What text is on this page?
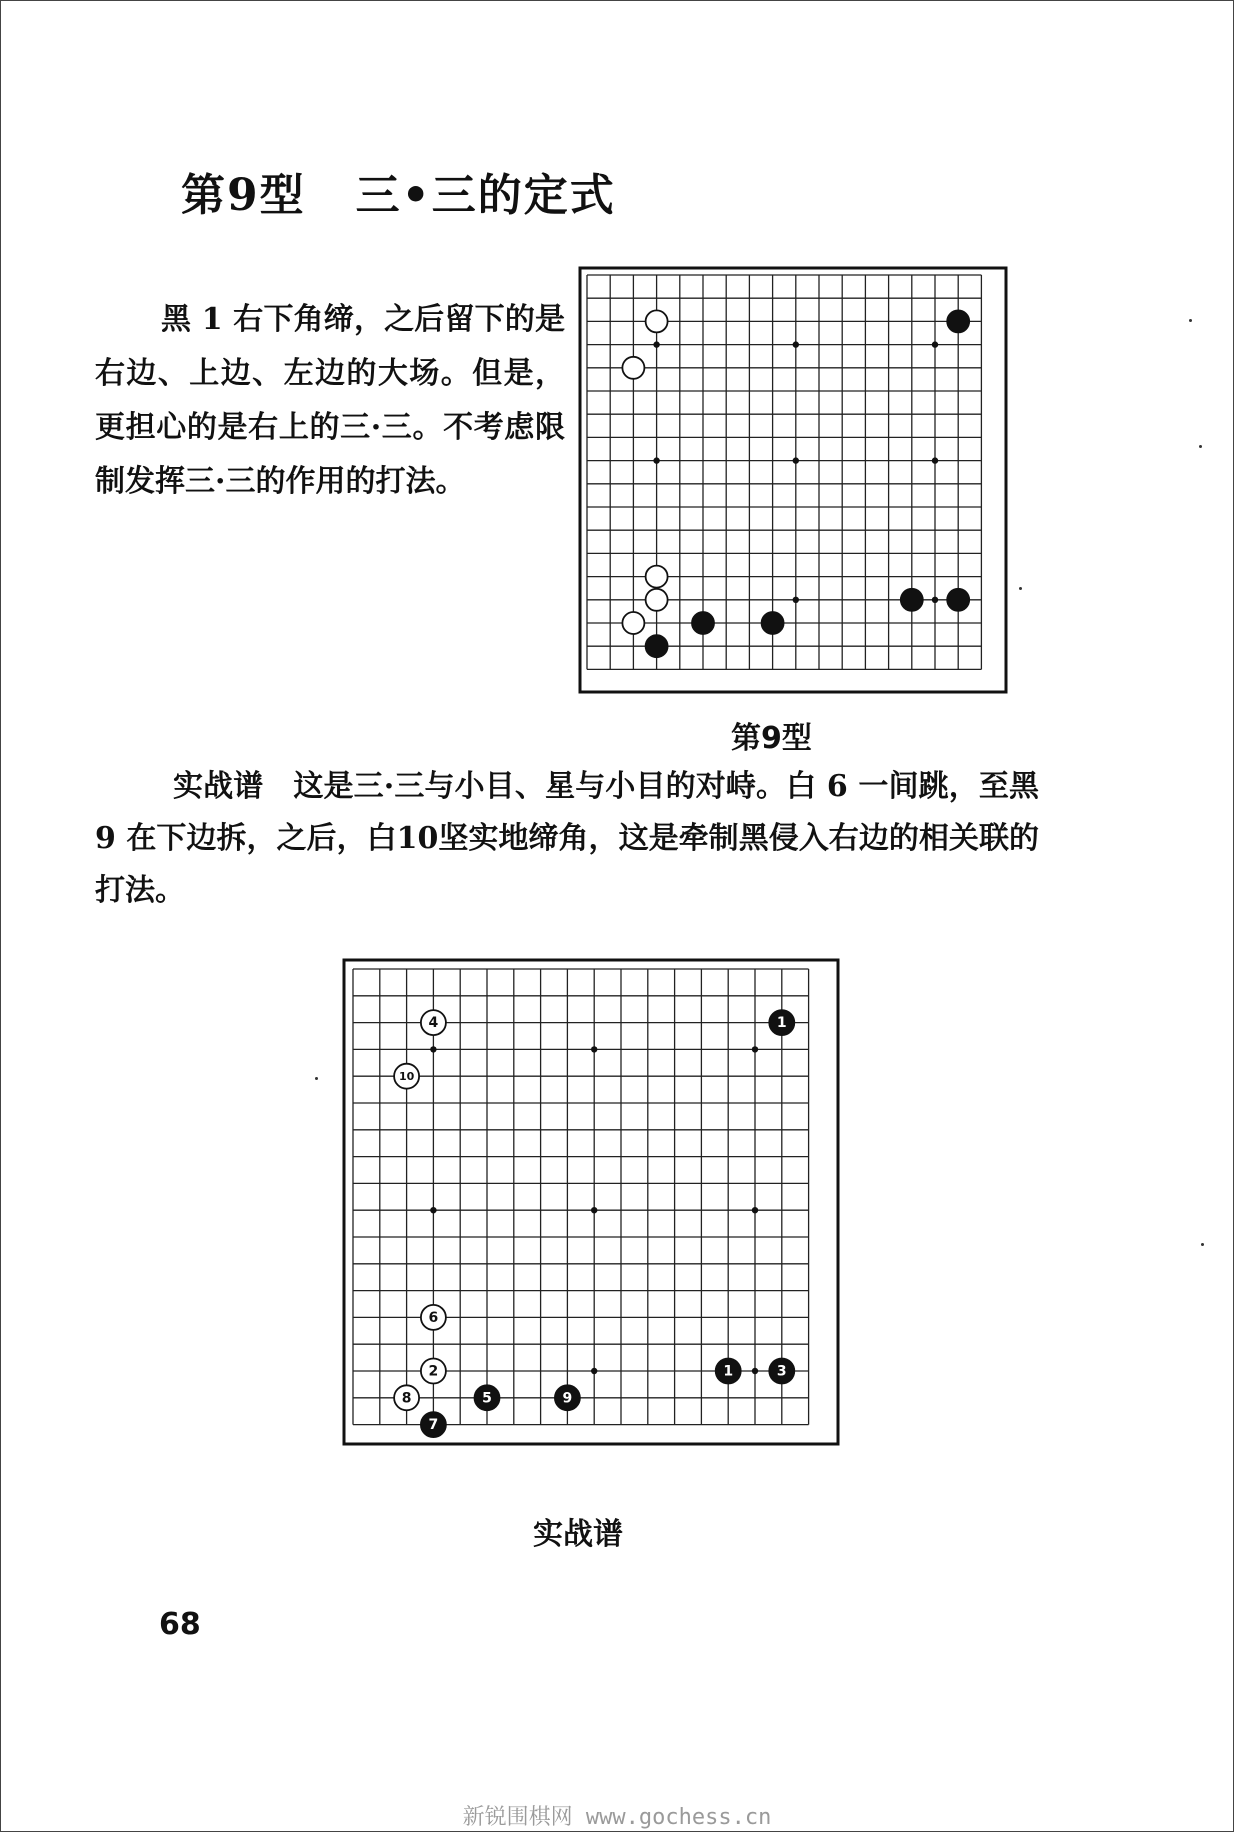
第9型 三•三的定式
黑 1 右下角缔，之后留下的是右边、上边、左边的大场。但是，更担心的是右上的三·三。不考虑限制发挥三·三的作用的打法。
第9型
实战谱 这是三·三与小目、星与小目的对峙。白 6 一间跳，至黑 9 在下边拆，之后，白10坚实地缔角，这是牵制黑侵入右边的相关联的打法。
4
10
6
2
8
7
5	9
1	3
1
实战谱
68
新锐围棋网 www.gochess.cn
